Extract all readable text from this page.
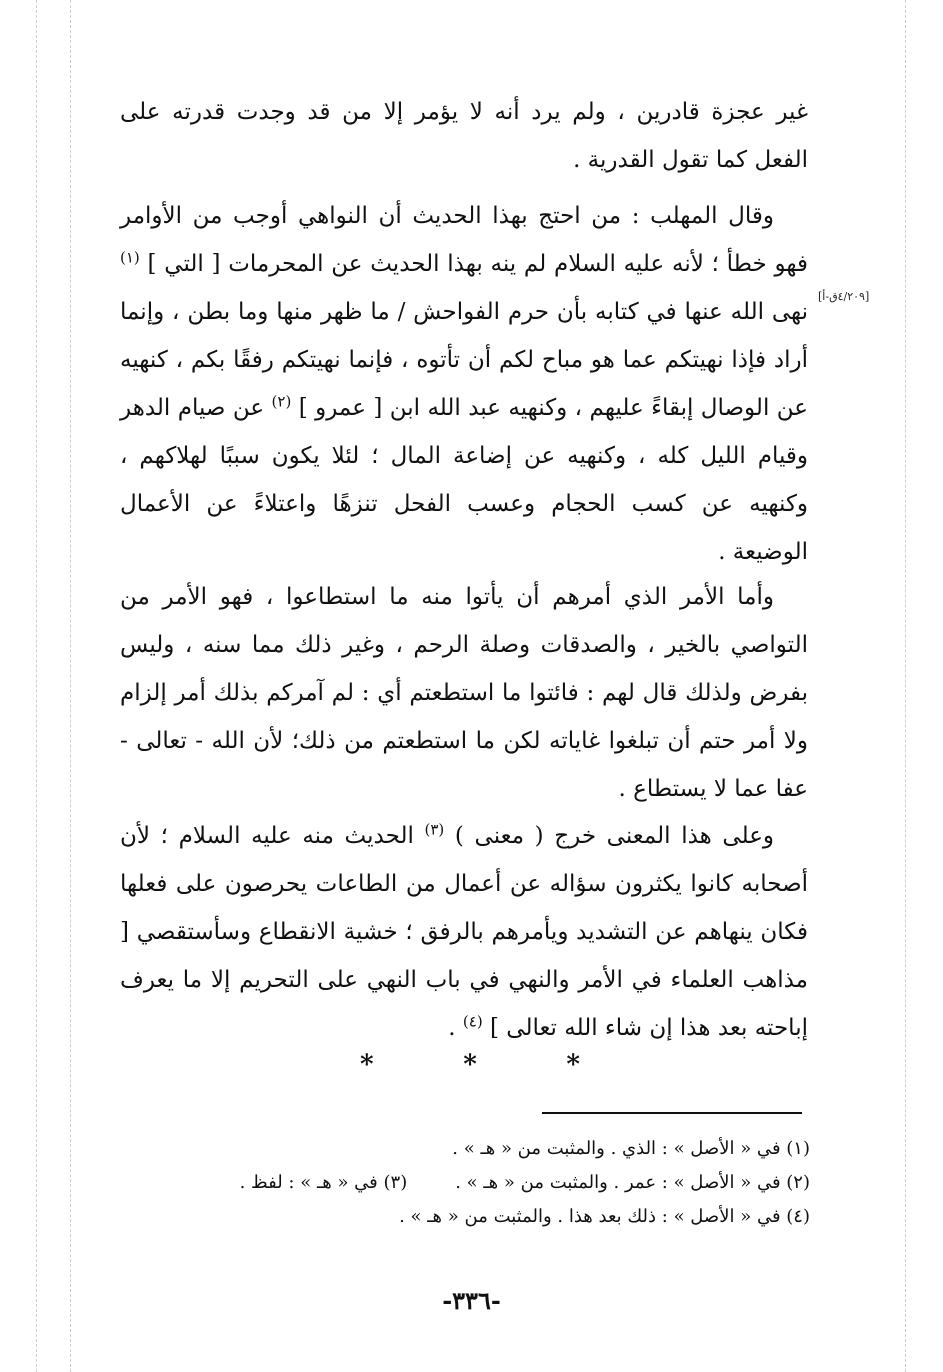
[٤/٢٠٩ق-أ]

غير عجزة قادرين ، ولم يرد أنه لا يؤمر إلا من قد وجدت قدرته على الفعل كما تقول القدرية .

وقال المهلب : من احتج بهذا الحديث أن النواهي أوجب من الأوامر فهو خطأ ؛ لأنه عليه السلام لم ينه بهذا الحديث عن المحرمات [ التي ] $^{(١)}$ نهى الله عنها في كتابه بأن حرم الفواحش / ما ظهر منها وما بطن ، وإنما أراد فإذا نهيتكم عما هو مباح لكم أن تأتوه ، فإنما نهيتكم رفقًا بكم ، كنهيه عن الوصال إبقاءً عليهم ، وكنهيه عبد الله ابن [ عمرو ] $^{(٢)}$ عن صيام الدهر وقيام الليل كله ، وكنهيه عن إضاعة المال ؛ لئلا يكون سببًا لهلاكهم ، وكنهيه عن كسب الحجام وعسب الفحل تنزهًا واعتلاءً عن الأعمال الوضيعة .

وأما الأمر الذي أمرهم أن يأتوا منه ما استطاعوا ، فهو الأمر من التواصي بالخير ، والصدقات وصلة الرحم ، وغير ذلك مما سنه ، وليس بفرض ولذلك قال لهم : فائتوا ما استطعتم أي : لم آمركم بذلك أمر إلزام ولا أمر حتم أن تبلغوا غاياته لكن ما استطعتم من ذلك؛ لأن الله - تعالى - عفا عما لا يستطاع .

وعلى هذا المعنى خرج ( معنى ) $^{(٣)}$ الحديث منه عليه السلام ؛ لأن أصحابه كانوا يكثرون سؤاله عن أعمال من الطاعات يحرصون على فعلها فكان ينهاهم عن التشديد ويأمرهم بالرفق ؛ خشية الانقطاع وسأستقصي [ مذاهب العلماء في الأمر والنهي في باب النهي على التحريم إلا ما يعرف إباحته بعد هذا إن شاء الله تعالى ] $^{(٤)}$ .

*	*	*

(١) في « الأصل » : الذي . والمثبت من « هـ » .

(٢) في « الأصل » : عمر . والمثبت من « هـ » .(٣) في « هـ » : لفظ .

(٤) في « الأصل » : ذلك بعد هذا . والمثبت من « هـ » .

-٣٣٦-
